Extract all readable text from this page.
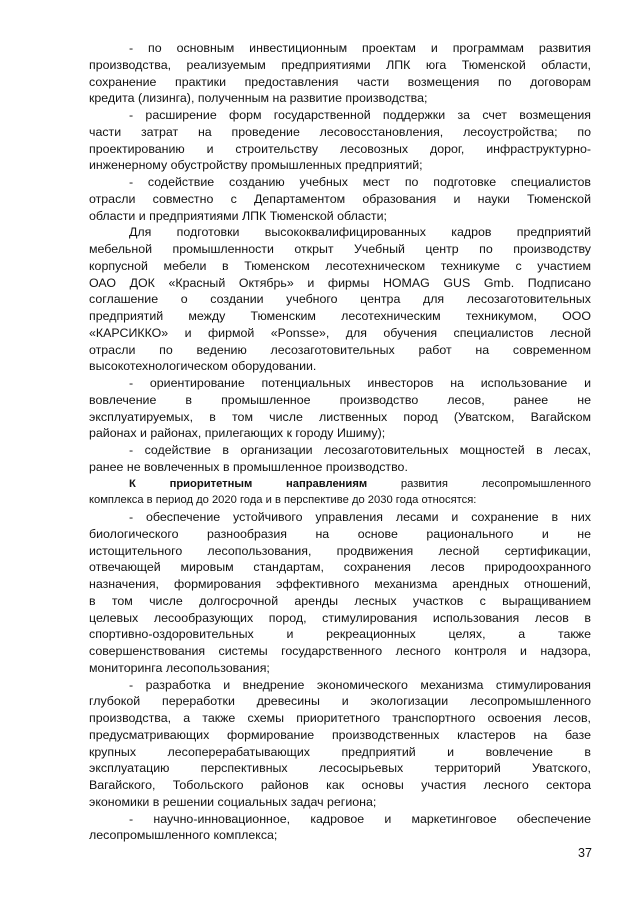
- по основным инвестиционным проектам и программам развития
производства, реализуемым предприятиями ЛПК юга Тюменской области,
сохранение практики предоставления части возмещения по договорам
кредита (лизинга), полученным на развитие производства;
- расширение форм государственной поддержки за счет возмещения
части затрат на проведение лесовосстановления, лесоустройства; по
проектированию и строительству лесовозных дорог, инфраструктурно-
инженерному обустройству промышленных предприятий;
- содействие созданию учебных мест по подготовке специалистов
отрасли совместно с Департаментом образования и науки Тюменской
области и предприятиями ЛПК Тюменской области;
Для подготовки высококвалифицированных кадров предприятий
мебельной промышленности открыт Учебный центр по производству
корпусной мебели в Тюменском лесотехническом техникуме с участием
ОАО ДОК «Красный Октябрь» и фирмы HOMAG GUS Gmb. Подписано
соглашение о создании учебного центра для лесозаготовительных
предприятий между Тюменским лесотехническим техникумом, ООО
«КАРСИККО» и фирмой «Ponsse», для обучения специалистов лесной
отрасли по ведению лесозаготовительных работ на современном
высокотехнологическом оборудовании.
- ориентирование потенциальных инвесторов на использование и
вовлечение в промышленное производство лесов, ранее не
эксплуатируемых, в том числе лиственных пород (Уватском, Вагайском
районах и районах, прилегающих к городу Ишиму);
- содействие в организации лесозаготовительных мощностей в лесах,
ранее не вовлеченных в промышленное производство.
К приоритетным направлениям	развития лесопромышленного
комплекса в период до 2020 года и в перспективе до 2030 года относятся:
- обеспечение устойчивого управления лесами и сохранение в них
биологического разнообразия на основе рационального и не
истощительного лесопользования, продвижения лесной сертификации,
отвечающей мировым стандартам, сохранения лесов природоохранного
назначения, формирования эффективного механизма арендных отношений,
в том числе долгосрочной аренды лесных участков с выращиванием
целевых лесообразующих пород, стимулирования использования лесов в
спортивно-оздоровительных и рекреационных целях, а также
совершенствования системы государственного лесного контроля и надзора,
мониторинга лесопользования;
- разработка и внедрение экономического механизма стимулирования
глубокой переработки древесины и экологизации лесопромышленного
производства, а также схемы приоритетного транспортного освоения лесов,
предусматривающих формирование производственных кластеров на базе
крупных лесоперерабатывающих предприятий и вовлечение в
эксплуатацию перспективных лесосырьевых территорий Уватского,
Вагайского, Тобольского районов как основы участия лесного сектора
экономики в решении социальных задач региона;
- научно-инновационное, кадровое и маркетинговое обеспечение
лесопромышленного комплекса;
37
